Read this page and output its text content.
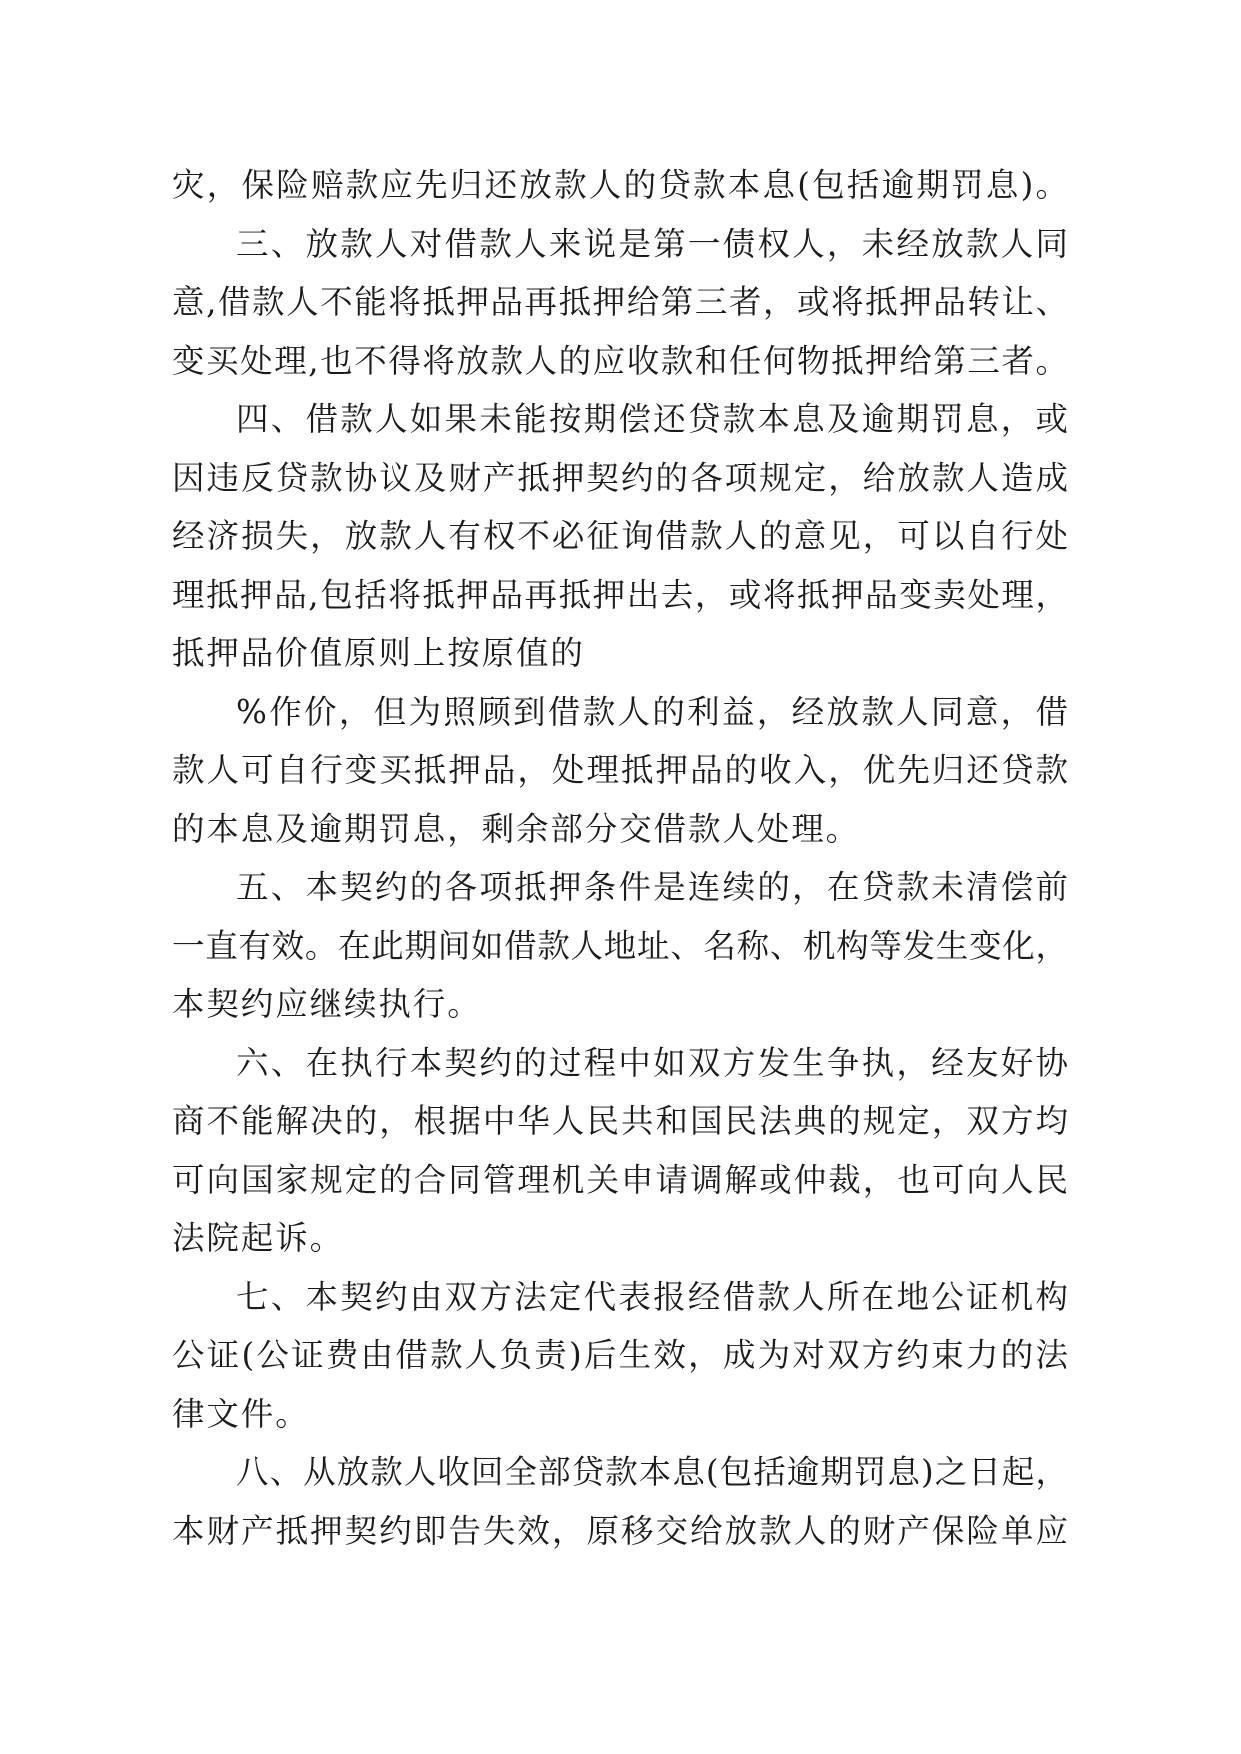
灾，保险赔款应先归还放款人的贷款本息(包括逾期罚息)。
三、放款人对借款人来说是第一债权人，未经放款人同
意,借款人不能将抵押品再抵押给第三者，或将抵押品转让、
变买处理,也不得将放款人的应收款和任何物抵押给第三者。
四、借款人如果未能按期偿还贷款本息及逾期罚息，或
因违反贷款协议及财产抵押契约的各项规定，给放款人造成
经济损失，放款人有权不必征询借款人的意见，可以自行处
理抵押品,包括将抵押品再抵押出去，或将抵押品变卖处理，
抵押品价值原则上按原值的
%作价，但为照顾到借款人的利益，经放款人同意，借
款人可自行变买抵押品，处理抵押品的收入，优先归还贷款
的本息及逾期罚息，剩余部分交借款人处理。
五、本契约的各项抵押条件是连续的，在贷款未清偿前
一直有效。在此期间如借款人地址、名称、机构等发生变化，
本契约应继续执行。
六、在执行本契约的过程中如双方发生争执，经友好协
商不能解决的，根据中华人民共和国民法典的规定，双方均
可向国家规定的合同管理机关申请调解或仲裁，也可向人民
法院起诉。
七、本契约由双方法定代表报经借款人所在地公证机构
公证(公证费由借款人负责)后生效，成为对双方约束力的法
律文件。
八、从放款人收回全部贷款本息(包括逾期罚息)之日起，
本财产抵押契约即告失效，原移交给放款人的财产保险单应
